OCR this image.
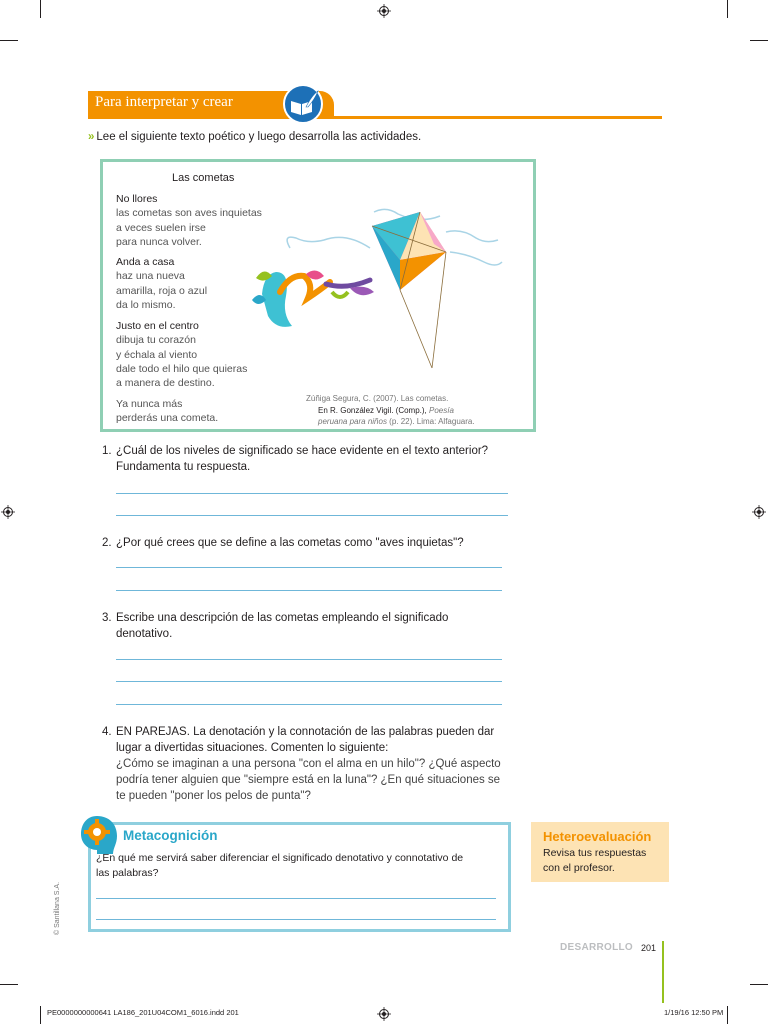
Para interpretar y crear
» Lee el siguiente texto poético y luego desarrolla las actividades.
Las cometas
No llores
las cometas son aves inquietas
a veces suelen irse
para nunca volver.
Anda a casa
haz una nueva
amarilla, roja o azul
da lo mismo.
Justo en el centro
dibuja tu corazón
y échala al viento
dale todo el hilo que quieras
a manera de destino.
Ya nunca más
perderás una cometa.
Zúñiga Segura, C. (2007). Las cometas.
En R. González Vigil. (Comp.), Poesía
peruana para niños (p. 22). Lima: Alfaguara.
1. ¿Cuál de los niveles de significado se hace evidente en el texto anterior?
Fundamenta tu respuesta.
2. ¿Por qué crees que se define a las cometas como "aves inquietas"?
3. Escribe una descripción de las cometas empleando el significado
denotativo.
4. EN PAREJAS. La denotación y la connotación de las palabras pueden dar
lugar a divertidas situaciones. Comenten lo siguiente:
¿Cómo se imaginan a una persona "con el alma en un hilo"? ¿Qué aspecto
podría tener alguien que "siempre está en la luna"? ¿En qué situaciones se
te pueden "poner los pelos de punta"?
Metacognición
¿En qué me servirá saber diferenciar el significado denotativo y connotativo de
las palabras?
Heteroevaluación
Revisa tus respuestas
con el profesor.
© Santillana S.A.
DESARROLLO 201
PE0000000000641 LA186_201U04COM1_6016.indd 201	1/19/16 12:50 PM
